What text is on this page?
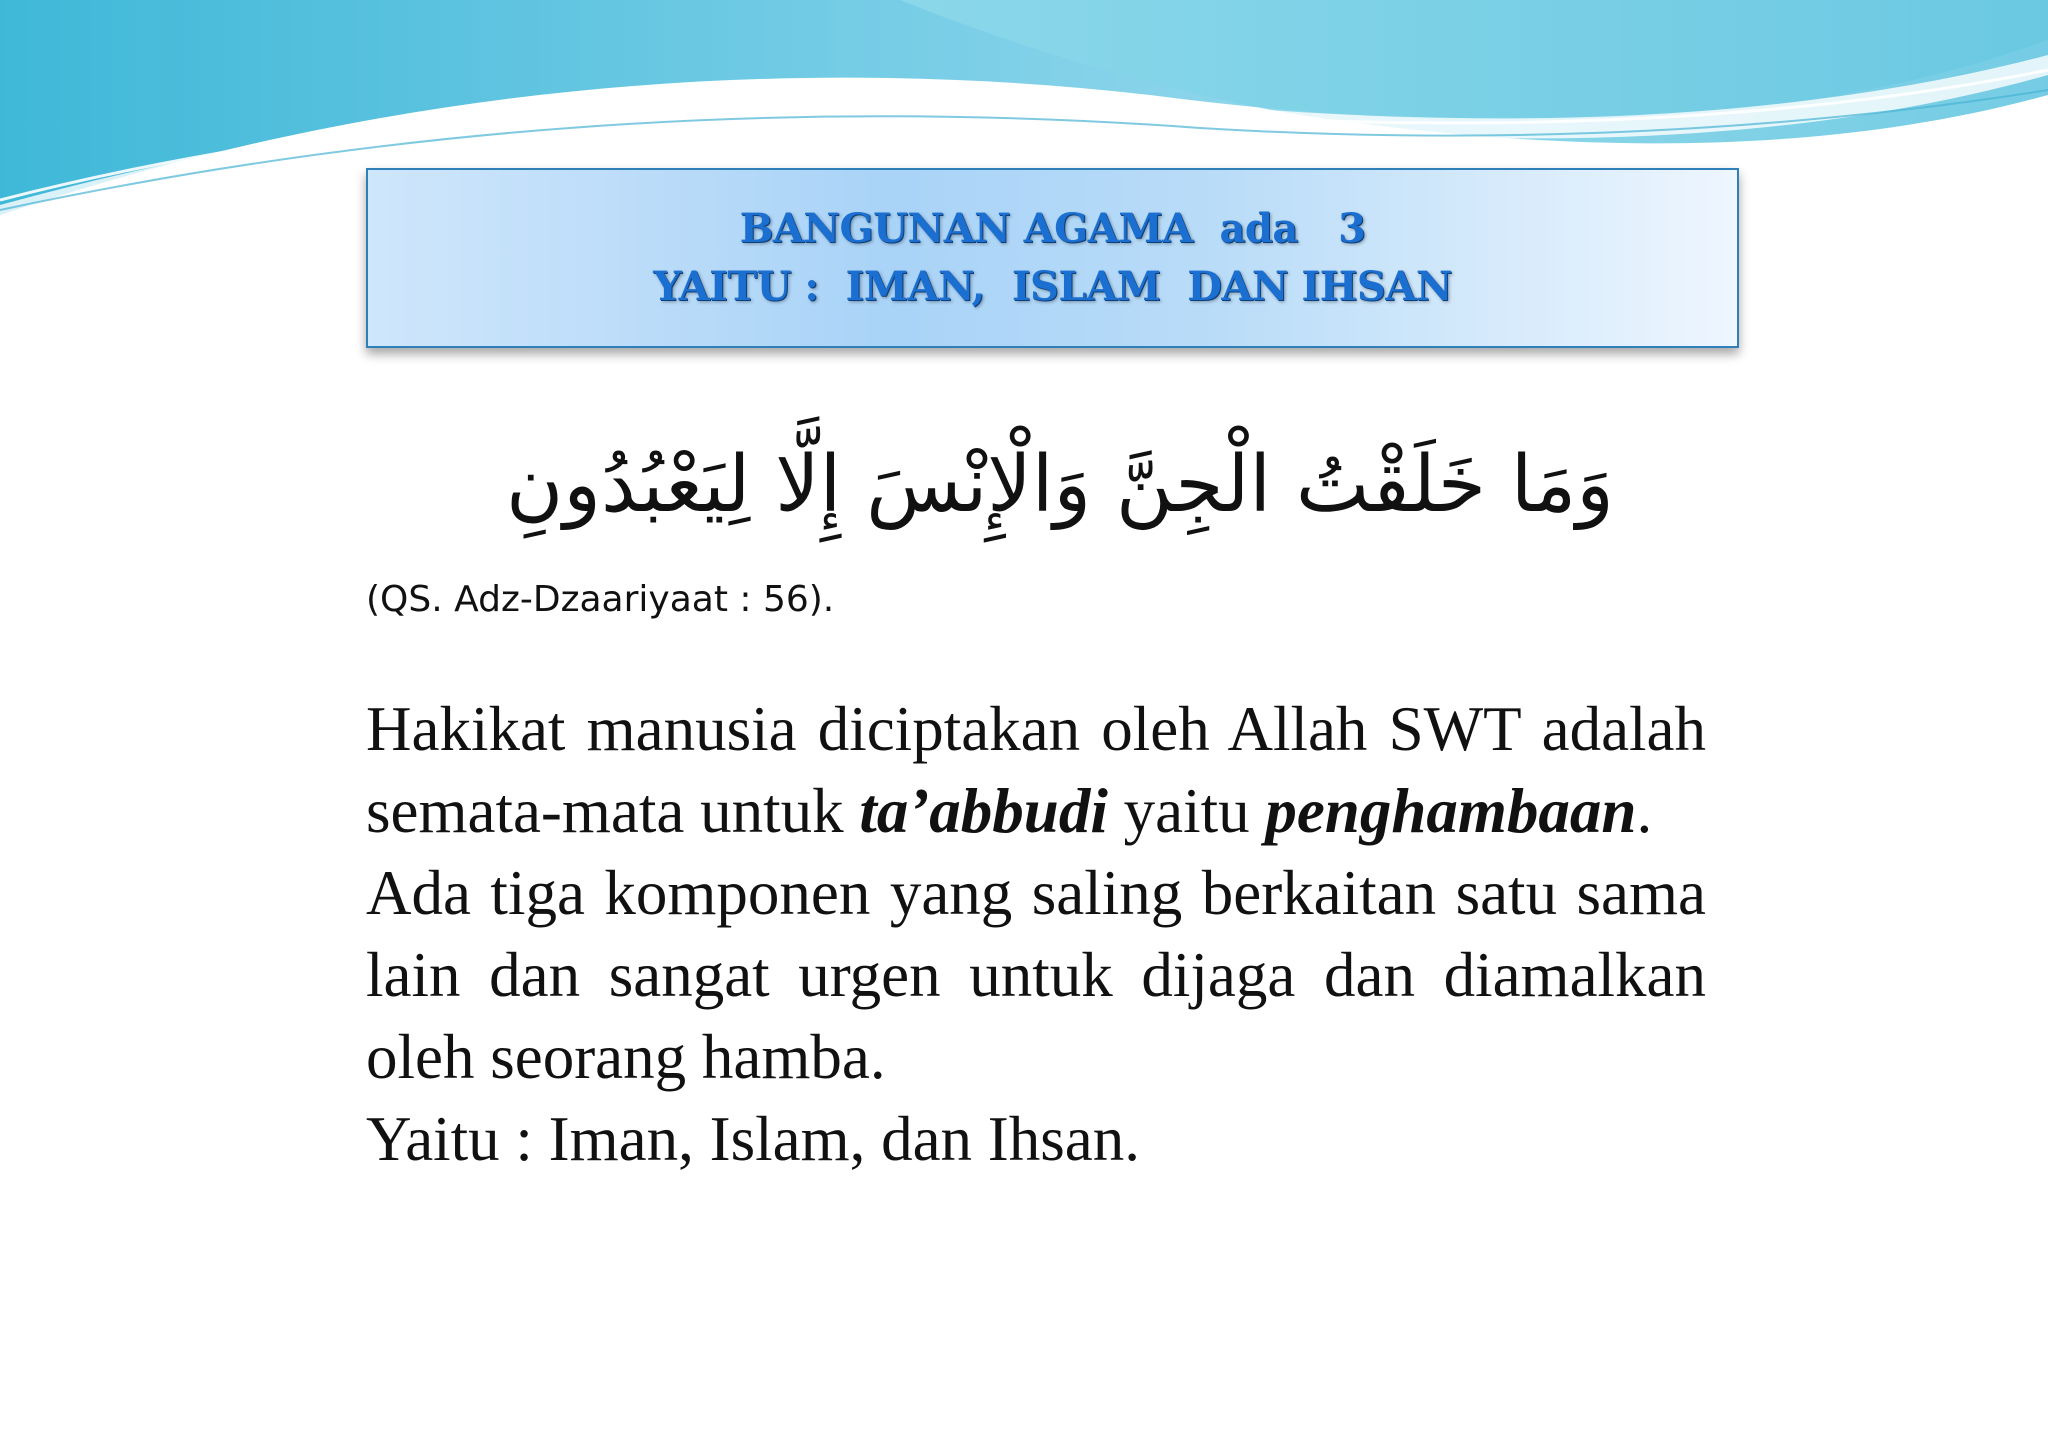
BANGUNAN AGAMA  ada   3
YAITU :  IMAN,  ISLAM  DAN IHSAN
وَمَا خَلَقْتُ الْجِنَّ وَالْإِنْسَ إِلَّا لِيَعْبُدُونِ
(QS. Adz-Dzaariyaat : 56).

Hakikat manusia diciptakan oleh Allah SWT adalah semata-mata untuk ta’abbudi yaitu penghambaan.

Ada tiga komponen yang saling berkaitan satu sama lain dan sangat urgen untuk dijaga dan diamalkan oleh seorang hamba.

Yaitu : Iman, Islam, dan Ihsan.
